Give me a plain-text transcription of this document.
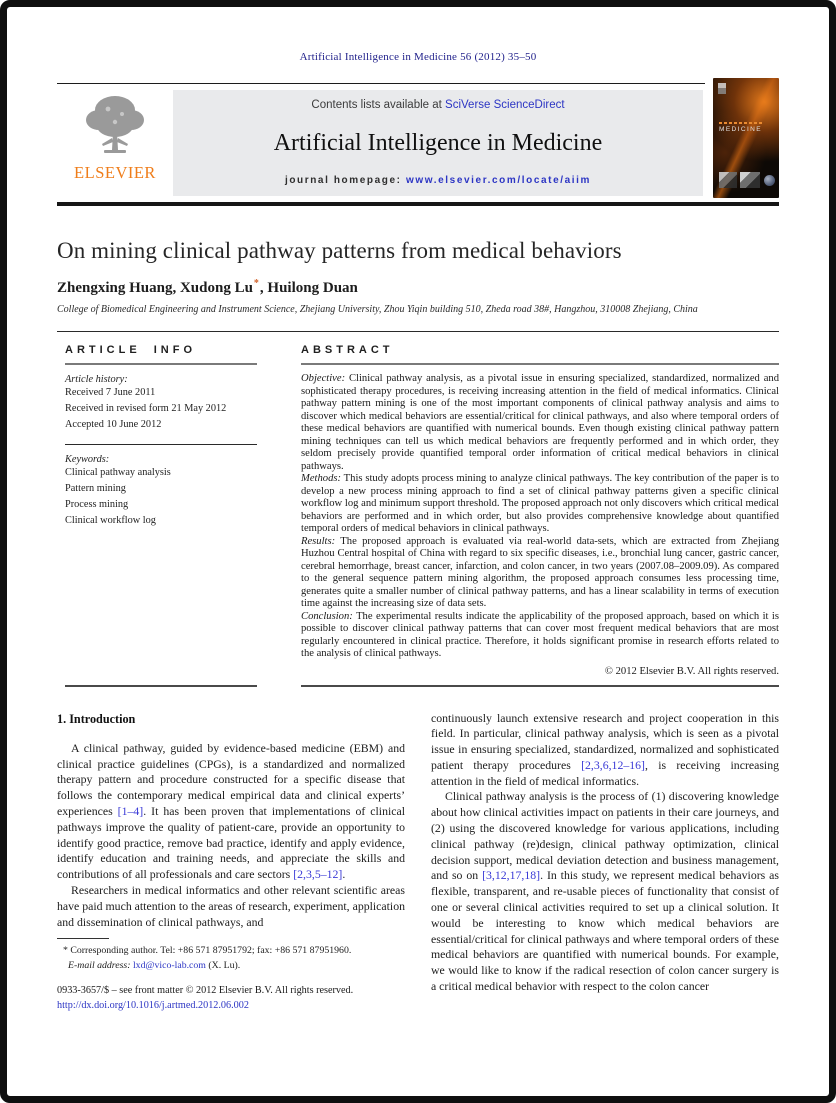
Artificial Intelligence in Medicine 56 (2012) 35–50
ELSEVIER
Contents lists available at SciVerse ScienceDirect
Artificial Intelligence in Medicine
journal homepage: www.elsevier.com/locate/aiim
MEDICINE
On mining clinical pathway patterns from medical behaviors
Zhengxing Huang, Xudong Lu*, Huilong Duan
College of Biomedical Engineering and Instrument Science, Zhejiang University, Zhou Yiqin building 510, Zheda road 38#, Hangzhou, 310008 Zhejiang, China
ARTICLE INFO
Article history:
Received 7 June 2011
Received in revised form 21 May 2012
Accepted 10 June 2012
Keywords:
Clinical pathway analysis
Pattern mining
Process mining
Clinical workflow log
ABSTRACT

Objective: Clinical pathway analysis, as a pivotal issue in ensuring specialized, standardized, normalized and sophisticated therapy procedures, is receiving increasing attention in the field of medical informatics. Clinical pathway pattern mining is one of the most important components of clinical pathway analysis and aims to discover which medical behaviors are essential/critical for clinical pathways, and also where temporal orders of these medical behaviors are quantified with numerical bounds. Even though existing clinical pathway pattern mining techniques can tell us which medical behaviors are frequently performed and in which order, they seldom precisely provide quantified temporal order information of critical medical behaviors in clinical pathways.

Methods: This study adopts process mining to analyze clinical pathways. The key contribution of the paper is to develop a new process mining approach to find a set of clinical pathway patterns given a specific clinical workflow log and minimum support threshold. The proposed approach not only discovers which critical medical behaviors are performed and in which order, but also provides comprehensive knowledge about quantified temporal orders of medical behaviors in clinical pathways.

Results: The proposed approach is evaluated via real-world data-sets, which are extracted from Zhejiang Huzhou Central hospital of China with regard to six specific diseases, i.e., bronchial lung cancer, gastric cancer, cerebral hemorrhage, breast cancer, infarction, and colon cancer, in two years (2007.08–2009.09). As compared to the general sequence pattern mining algorithm, the proposed approach consumes less processing time, generates quite a smaller number of clinical pathway patterns, and has a linear scalability in terms of execution time against the increasing size of data sets.

Conclusion: The experimental results indicate the applicability of the proposed approach, based on which it is possible to discover clinical pathway patterns that can cover most frequent medical behaviors that are most regularly encountered in clinical practice. Therefore, it holds significant promise in research efforts related to the analysis of clinical pathways.

© 2012 Elsevier B.V. All rights reserved.
1. Introduction

A clinical pathway, guided by evidence-based medicine (EBM) and clinical practice guidelines (CPGs), is a standardized and normalized therapy pattern and procedure constructed for a specific disease that follows the contemporary medical empirical data and clinical experts’ experiences [1–4]. It has been proven that implementations of clinical pathways improve the quality of patient-care, provide an opportunity to identify good practice, remove bad practice, identify and apply evidence, identify education and training needs, and appreciate the skills and contributions of all professionals and care sectors [2,3,5–12].

Researchers in medical informatics and other relevant scientific areas have paid much attention to the areas of research, experiment, application and dissemination of clinical pathways, and

* Corresponding author. Tel: +86 571 87951792; fax: +86 571 87951960.
E-mail address: lxd@vico-lab.com (X. Lu).
0933-3657/$ – see front matter © 2012 Elsevier B.V. All rights reserved.
http://dx.doi.org/10.1016/j.artmed.2012.06.002

continuously launch extensive research and project cooperation in this field. In particular, clinical pathway analysis, which is seen as a pivotal issue in ensuring specialized, standardized, normalized and sophisticated patient therapy procedures [2,3,6,12–16], is receiving increasing attention in the field of medical informatics.

Clinical pathway analysis is the process of (1) discovering knowledge about how clinical activities impact on patients in their care journeys, and (2) using the discovered knowledge for various applications, including clinical pathway (re)design, clinical pathway optimization, clinical decision support, medical deviation detection and business management, and so on [3,12,17,18]. In this study, we represent medical behaviors as flexible, transparent, and re-usable pieces of functionality that consist of one or several clinical activities required to set up a clinical solution. It would be interesting to know which medical behaviors are essential/critical for clinical pathways and where temporal orders of these medical behaviors are quantified with numerical bounds. For example, we would like to know if the radical resection of colon cancer surgery is a critical medical behavior with respect to the colon cancer
